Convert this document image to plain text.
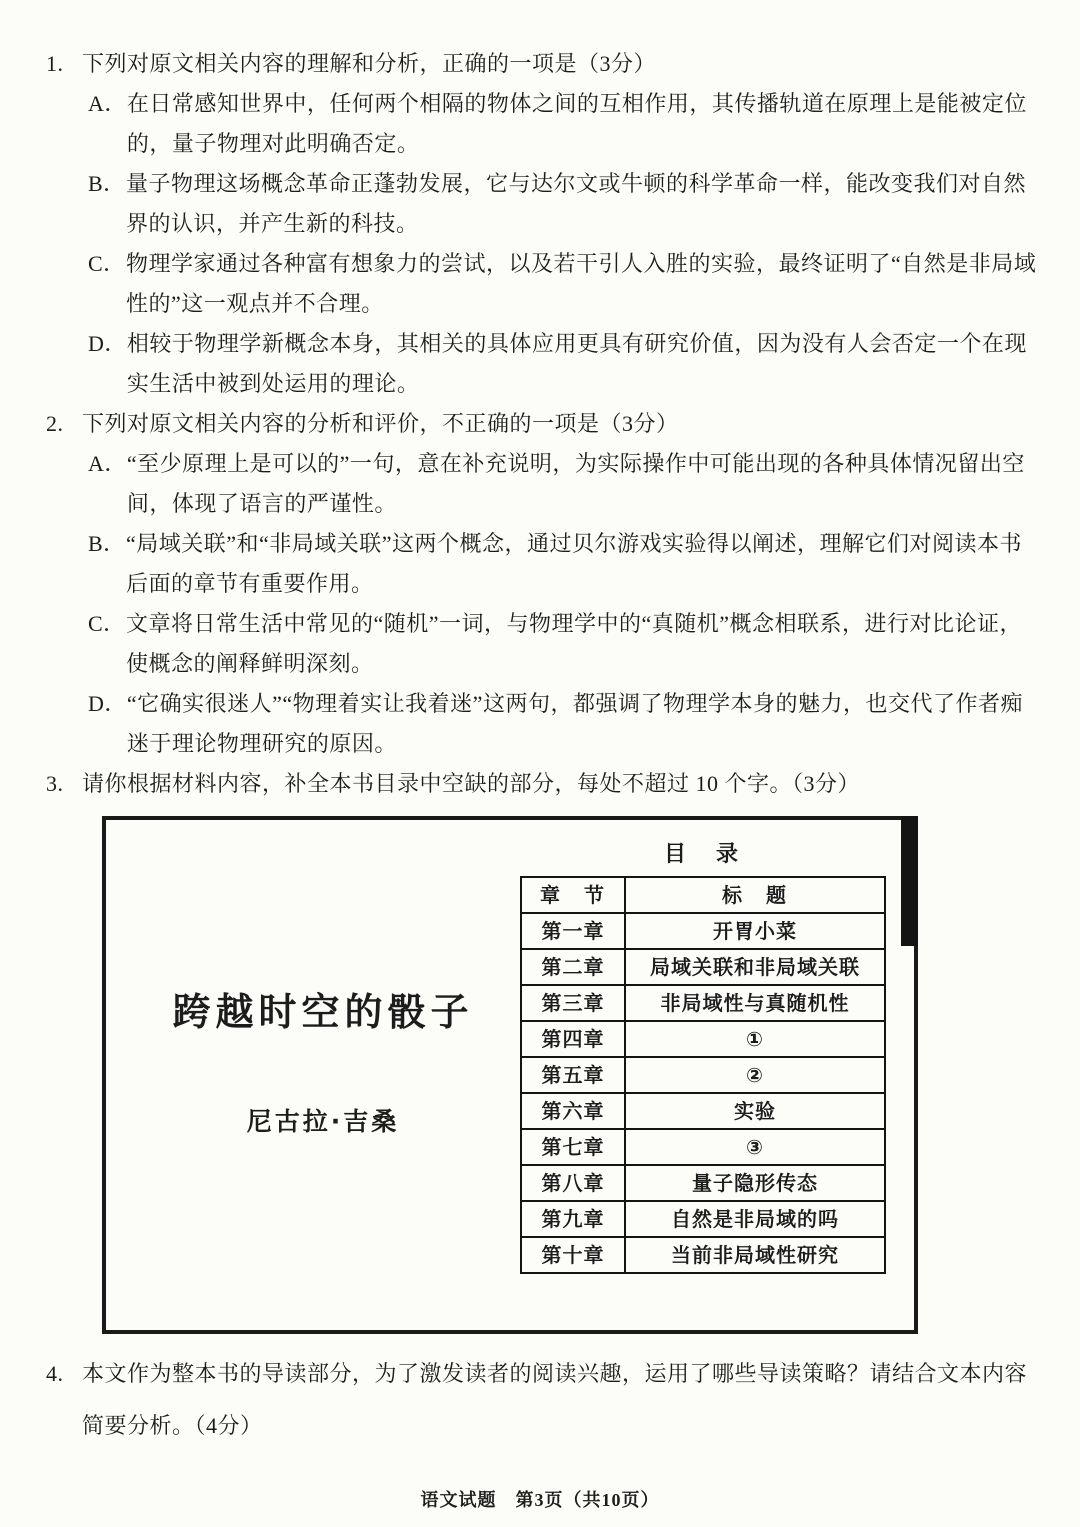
1. 下列对原文相关内容的理解和分析，正确的一项是（3分）
A． 在日常感知世界中，任何两个相隔的物体之间的互相作用，其传播轨道在原理上是能被定位的，量子物理对此明确否定。
B． 量子物理这场概念革命正蓬勃发展，它与达尔文或牛顿的科学革命一样，能改变我们对自然界的认识，并产生新的科技。
C． 物理学家通过各种富有想象力的尝试，以及若干引人入胜的实验，最终证明了“自然是非局域性的”这一观点并不合理。
D． 相较于物理学新概念本身，其相关的具体应用更具有研究价值，因为没有人会否定一个在现实生活中被到处运用的理论。
2. 下列对原文相关内容的分析和评价，不正确的一项是（3分）
A． “至少原理上是可以的”一句，意在补充说明，为实际操作中可能出现的各种具体情况留出空间，体现了语言的严谨性。
B． “局域关联”和“非局域关联”这两个概念，通过贝尔游戏实验得以阐述，理解它们对阅读本书后面的章节有重要作用。
C． 文章将日常生活中常见的“随机”一词，与物理学中的“真随机”概念相联系，进行对比论证，使概念的阐释鲜明深刻。
D． “它确实很迷人”“物理着实让我着迷”这两句，都强调了物理学本身的魅力，也交代了作者痴迷于理论物理研究的原因。
3. 请你根据材料内容，补全本书目录中空缺的部分，每处不超过 10 个字。（3分）
跨越时空的骰子
尼古拉·吉桑
目　录
章　节	标　题
第一章	开胃小菜
第二章	局域关联和非局域关联
第三章	非局域性与真随机性
第四章	①
第五章	②
第六章	实验
第七章	③
第八章	量子隐形传态
第九章	自然是非局域的吗
第十章	当前非局域性研究
4. 本文作为整本书的导读部分，为了激发读者的阅读兴趣，运用了哪些导读策略？请结合文本内容简要分析。（4分）
语文试题　第3页（共10页）
